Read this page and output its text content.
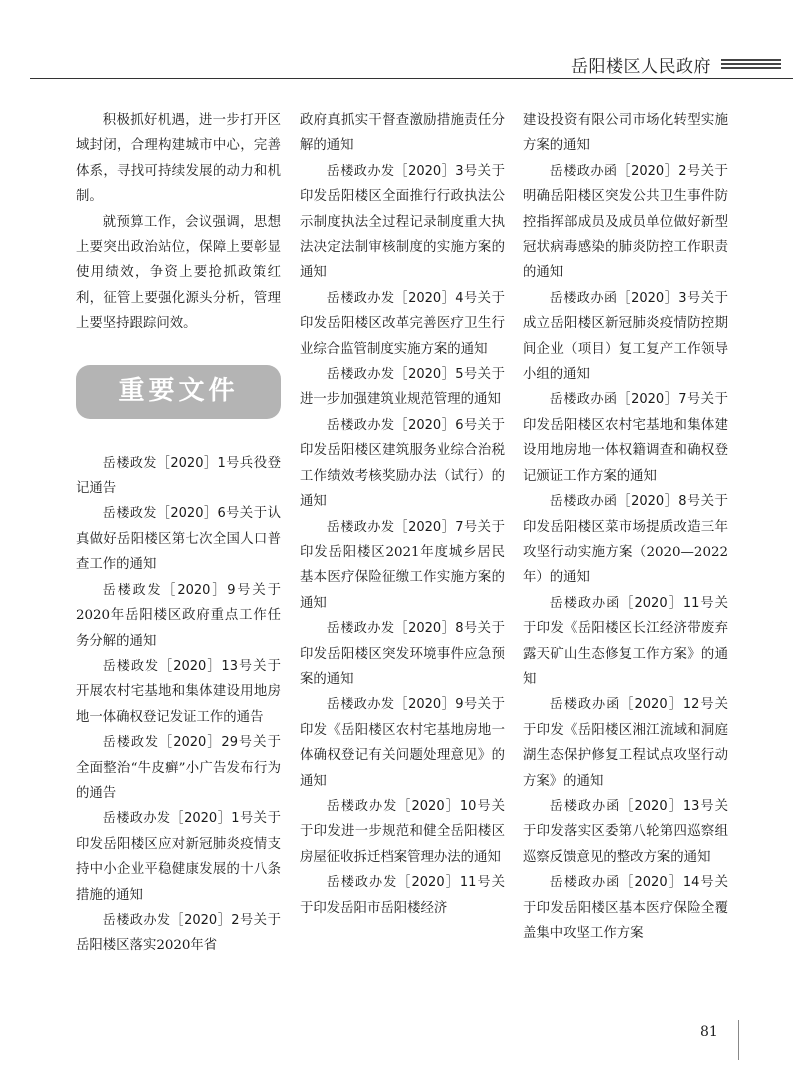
岳阳楼区人民政府

积极抓好机遇，进一步打开区域封闭，合理构建城市中心，完善体系，寻找可持续发展的动力和机制。

就预算工作，会议强调，思想上要突出政治站位，保障上要彰显使用绩效，争资上要抢抓政策红利，征管上要强化源头分析，管理上要坚持跟踪问效。

重要文件

岳楼政发［2020］1号兵役登记通告

岳楼政发［2020］6号关于认真做好岳阳楼区第七次全国人口普查工作的通知

岳楼政发［2020］9号关于2020年岳阳楼区政府重点工作任务分解的通知

岳楼政发［2020］13号关于开展农村宅基地和集体建设用地房地一体确权登记发证工作的通告

岳楼政发［2020］29号关于全面整治“牛皮癣”小广告发布行为的通告

岳楼政办发［2020］1号关于印发岳阳楼区应对新冠肺炎疫情支持中小企业平稳健康发展的十八条措施的通知

岳楼政办发［2020］2号关于岳阳楼区落实2020年省

政府真抓实干督查激励措施责任分解的通知

岳楼政办发［2020］3号关于印发岳阳楼区全面推行行政执法公示制度执法全过程记录制度重大执法决定法制审核制度的实施方案的通知

岳楼政办发［2020］4号关于印发岳阳楼区改革完善医疗卫生行业综合监管制度实施方案的通知

岳楼政办发［2020］5号关于进一步加强建筑业规范管理的通知

岳楼政办发［2020］6号关于印发岳阳楼区建筑服务业综合治税工作绩效考核奖励办法（试行）的通知

岳楼政办发［2020］7号关于印发岳阳楼区2021年度城乡居民基本医疗保险征缴工作实施方案的通知

岳楼政办发［2020］8号关于印发岳阳楼区突发环境事件应急预案的通知

岳楼政办发［2020］9号关于印发《岳阳楼区农村宅基地房地一体确权登记有关问题处理意见》的通知

岳楼政办发［2020］10号关于印发进一步规范和健全岳阳楼区房屋征收拆迁档案管理办法的通知

岳楼政办发［2020］11号关于印发岳阳市岳阳楼经济

建设投资有限公司市场化转型实施方案的通知

岳楼政办函［2020］2号关于明确岳阳楼区突发公共卫生事件防控指挥部成员及成员单位做好新型冠状病毒感染的肺炎防控工作职责的通知

岳楼政办函［2020］3号关于成立岳阳楼区新冠肺炎疫情防控期间企业（项目）复工复产工作领导小组的通知

岳楼政办函［2020］7号关于印发岳阳楼区农村宅基地和集体建设用地房地一体权籍调查和确权登记颁证工作方案的通知

岳楼政办函［2020］8号关于印发岳阳楼区菜市场提质改造三年攻坚行动实施方案（2020—2022年）的通知

岳楼政办函［2020］11号关于印发《岳阳楼区长江经济带废弃露天矿山生态修复工作方案》的通知

岳楼政办函［2020］12号关于印发《岳阳楼区湘江流域和洞庭湖生态保护修复工程试点攻坚行动方案》的通知

岳楼政办函［2020］13号关于印发落实区委第八轮第四巡察组巡察反馈意见的整改方案的通知

岳楼政办函［2020］14号关于印发岳阳楼区基本医疗保险全覆盖集中攻坚工作方案

81
